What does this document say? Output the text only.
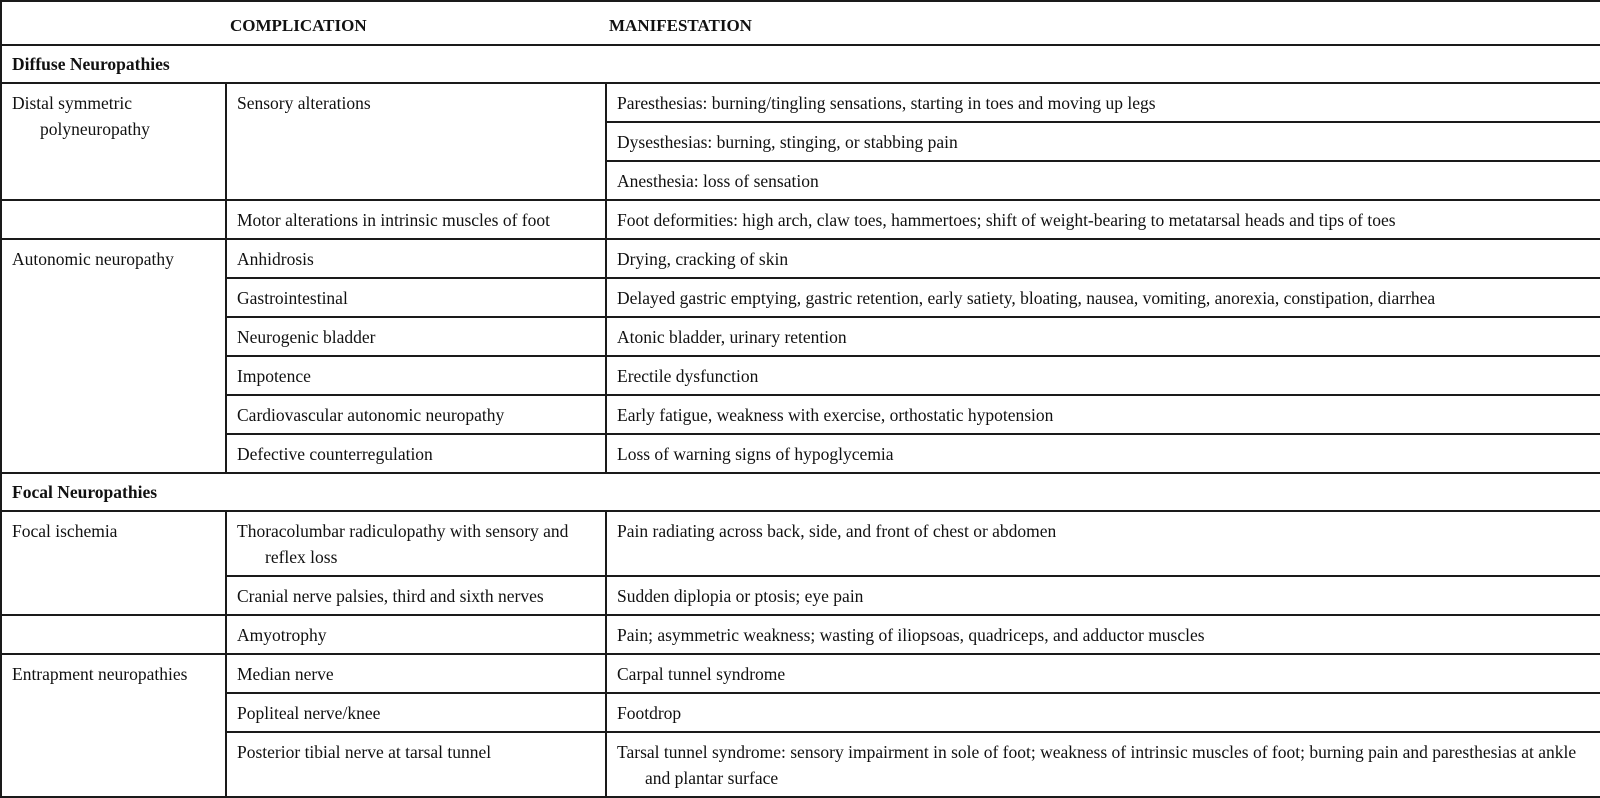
COMPLICATION MANIFESTATION		

Diffuse Neuropathies		

Distal symmetric polyneuropathy	Sensory alterations	Paresthesias: burning/tingling sensations, starting in toes and moving up legs
		Dysesthesias: burning, stinging, or stabbing pain
		Anesthesia: loss of sensation
	Motor alterations in intrinsic muscles of foot	Foot deformities: high arch, claw toes, hammertoes; shift of weight-bearing to metatarsal heads and tips of toes
Autonomic neuropathy	Anhidrosis	Drying, cracking of skin
	Gastrointestinal	Delayed gastric emptying, gastric retention, early satiety, bloating, nausea, vomiting, anorexia, constipation, diarrhea
	Neurogenic bladder	Atonic bladder, urinary retention
	Impotence	Erectile dysfunction
	Cardiovascular autonomic neuropathy	Early fatigue, weakness with exercise, orthostatic hypotension
	Defective counterregulation	Loss of warning signs of hypoglycemia
Focal Neuropathies		
Focal ischemia	Thoracolumbar radiculopathy with sensory and reflex loss	Pain radiating across back, side, and front of chest or abdomen
	Cranial nerve palsies, third and sixth nerves	Sudden diplopia or ptosis; eye pain
	Amyotrophy	Pain; asymmetric weakness; wasting of iliopsoas, quadriceps, and adductor muscles
Entrapment neuropathies	Median nerve	Carpal tunnel syndrome
	Popliteal nerve/knee	Footdrop
	Posterior tibial nerve at tarsal tunnel	Tarsal tunnel syndrome: sensory impairment in sole of foot; weakness of intrinsic muscles of foot; burning pain and paresthesias at ankle and plantar surface
